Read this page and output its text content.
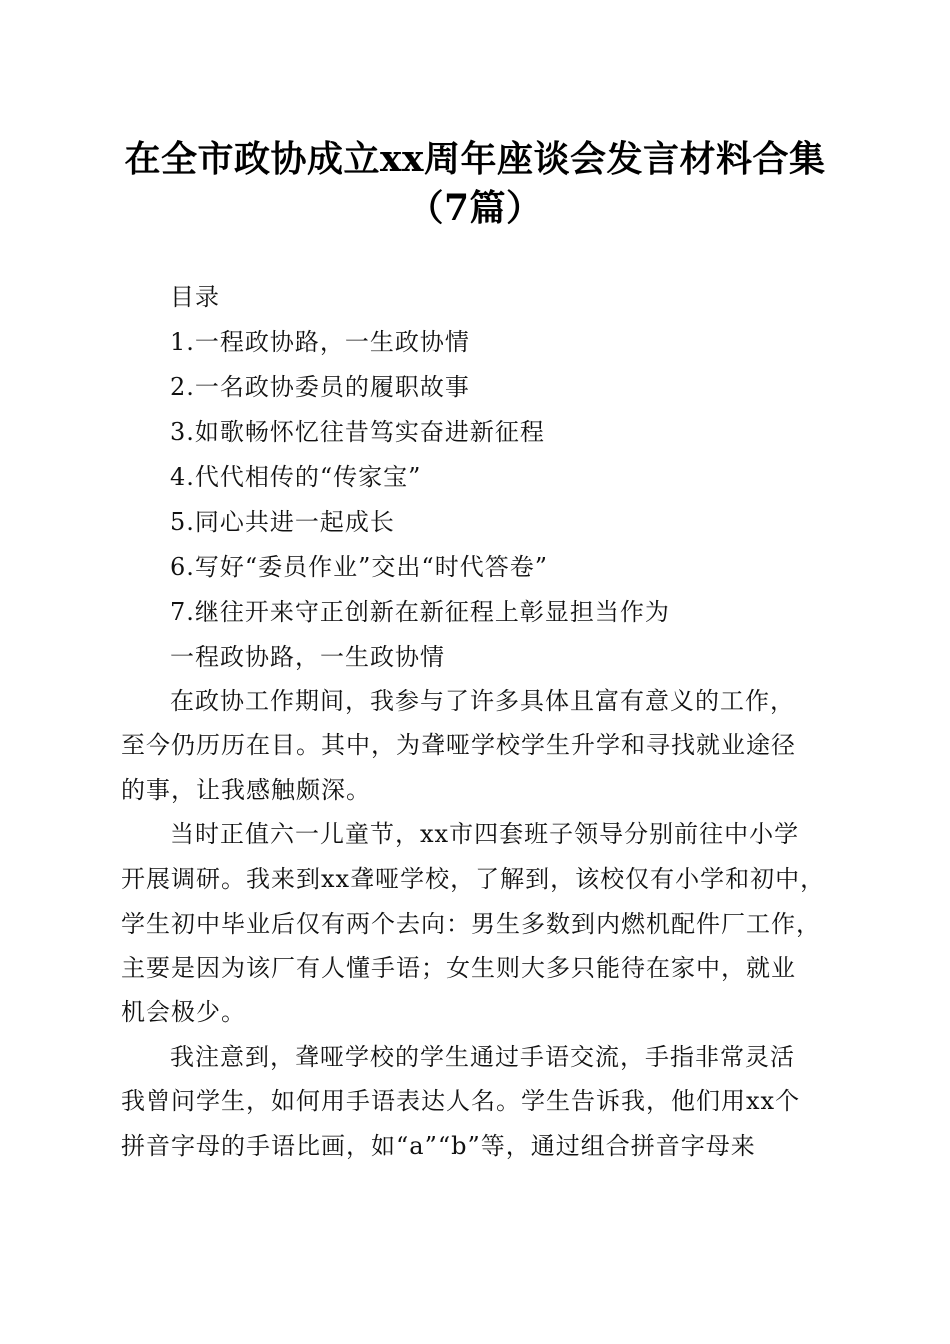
在全市政协成立xx周年座谈会发言材料合集
（7篇）
目录
1.一程政协路，一生政协情
2.一名政协委员的履职故事
3.如歌畅怀忆往昔笃实奋进新征程
4.代代相传的“传家宝”
5.同心共进一起成长
6.写好“委员作业”交出“时代答卷”
7.继往开来守正创新在新征程上彰显担当作为
一程政协路，一生政协情
在政协工作期间，我参与了许多具体且富有意义的工作，
至今仍历历在目。其中，为聋哑学校学生升学和寻找就业途径
的事，让我感触颇深。
当时正值六一儿童节，xx市四套班子领导分别前往中小学
开展调研。我来到xx聋哑学校，了解到，该校仅有小学和初中，
学生初中毕业后仅有两个去向：男生多数到内燃机配件厂工作，
主要是因为该厂有人懂手语；女生则大多只能待在家中，就业
机会极少。
我注意到，聋哑学校的学生通过手语交流，手指非常灵活
我曾问学生，如何用手语表达人名。学生告诉我，他们用xx个
拼音字母的手语比画，如“a”“b”等，通过组合拼音字母来
